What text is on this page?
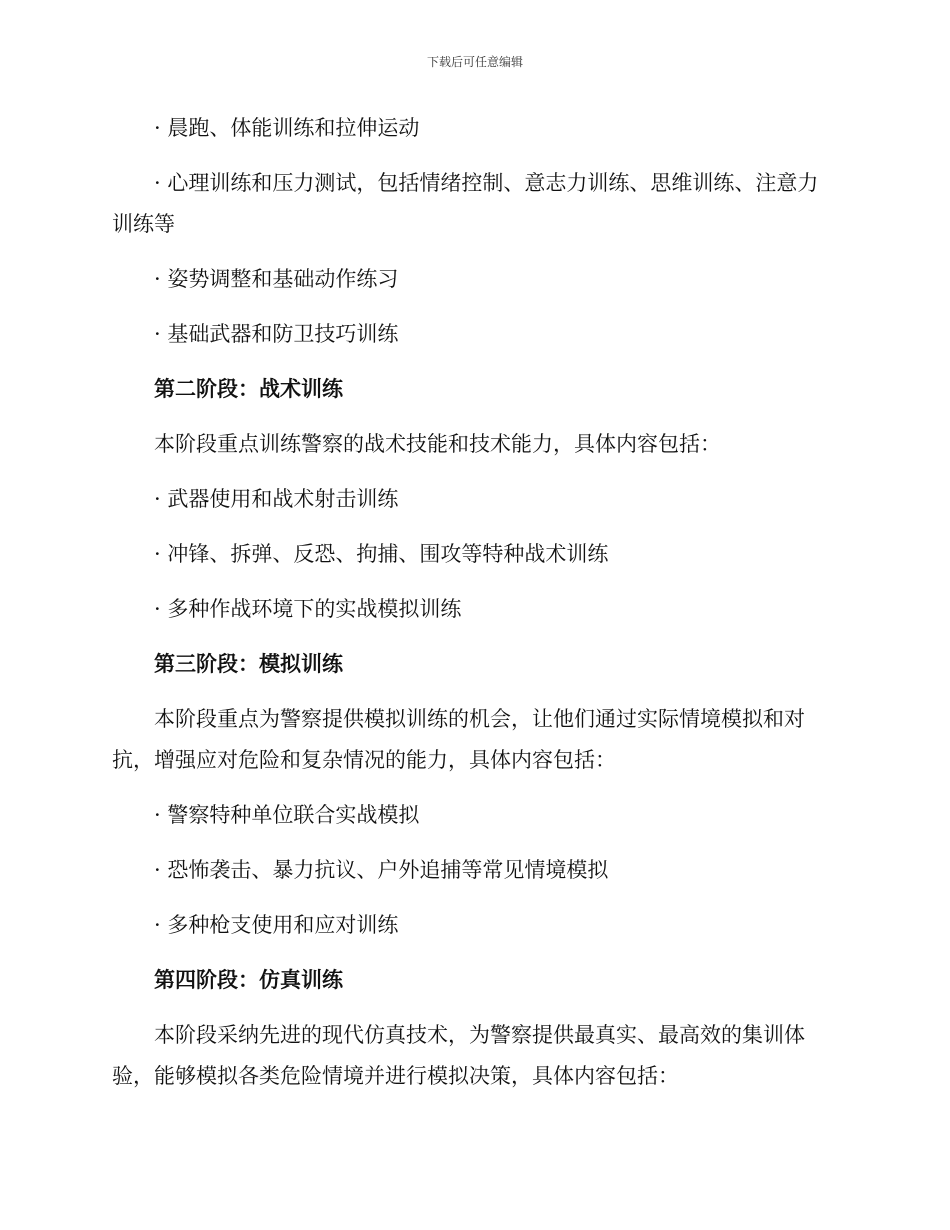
下载后可任意编辑

· 晨跑、体能训练和拉伸运动

· 心理训练和压力测试，包括情绪控制、意志力训练、思维训练、注意力训练等

· 姿势调整和基础动作练习

· 基础武器和防卫技巧训练

第二阶段：战术训练

本阶段重点训练警察的战术技能和技术能力，具体内容包括：

· 武器使用和战术射击训练

· 冲锋、拆弹、反恐、拘捕、围攻等特种战术训练

· 多种作战环境下的实战模拟训练

第三阶段：模拟训练

本阶段重点为警察提供模拟训练的机会，让他们通过实际情境模拟和对抗，增强应对危险和复杂情况的能力，具体内容包括：

· 警察特种单位联合实战模拟

· 恐怖袭击、暴力抗议、户外追捕等常见情境模拟

· 多种枪支使用和应对训练

第四阶段：仿真训练

本阶段采纳先进的现代仿真技术，为警察提供最真实、最高效的集训体验，能够模拟各类危险情境并进行模拟决策，具体内容包括：
